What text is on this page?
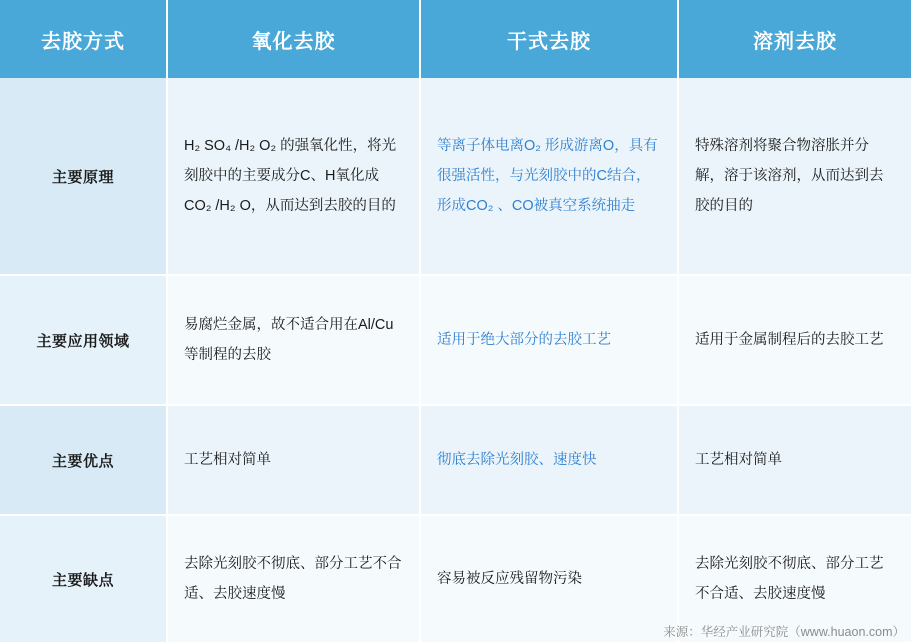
去胶方式	氧化去胶	干式去胶	溶剂去胶
主要原理	H₂ SO₄ /H₂ O₂ 的强氧化性，将光刻胶中的主要成分C、H氧化成CO₂ /H₂ O，从而达到去胶的目的	等离子体电离O₂ 形成游离O，具有很强活性，与光刻胶中的C结合，形成CO₂ 、CO被真空系统抽走	特殊溶剂将聚合物溶胀并分解，溶于该溶剂，从而达到去胶的目的

主要应用领域	易腐烂金属，故不适合用在Al/Cu等制程的去胶	适用于绝大部分的去胶工艺	适用于金属制程后的去胶工艺

主要优点	工艺相对简单	彻底去除光刻胶、速度快	工艺相对简单

主要缺点	去除光刻胶不彻底、部分工艺不合适、去胶速度慢	容易被反应残留物污染	去除光刻胶不彻底、部分工艺不合适、去胶速度慢
来源：华经产业研究院（www.huaon.com）
